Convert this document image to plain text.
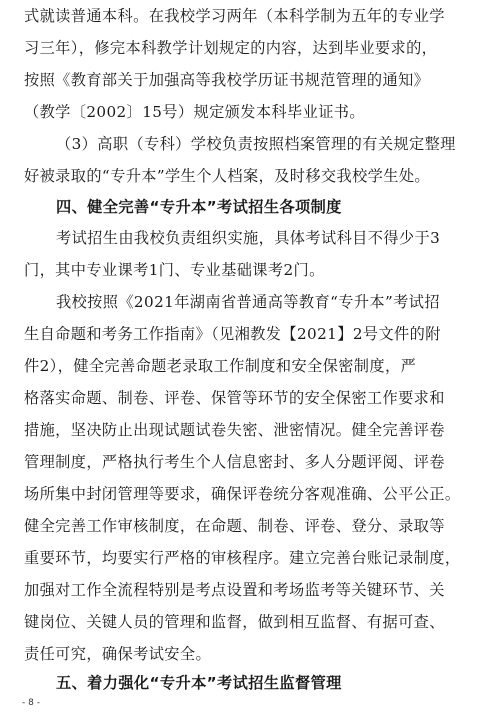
式就读普通本科。在我校学习两年（本科学制为五年的专业学
习三年），修完本科教学计划规定的内容，达到毕业要求的，
按照《教育部关于加强高等我校学历证书规范管理的通知》
（教学〔2002〕15号）规定颁发本科毕业证书。
（3）高职（专科）学校负责按照档案管理的有关规定整理
好被录取的“专升本”学生个人档案，及时移交我校学生处。
四、健全完善“专升本”考试招生各项制度
考试招生由我校负责组织实施，具体考试科目不得少于3
门，其中专业课考1门、专业基础课考2门。
我校按照《2021年湖南省普通高等教育“专升本”考试招
生自命题和考务工作指南》（见湘教发【2021】2号文件的附
件2），健全完善命题老录取工作制度和安全保密制度，严
格落实命题、制卷、评卷、保管等环节的安全保密工作要求和
措施，坚决防止出现试题试卷失密、泄密情况。健全完善评卷
管理制度，严格执行考生个人信息密封、多人分题评阅、评卷
场所集中封闭管理等要求，确保评卷统分客观准确、公平公正。
健全完善工作审核制度，在命题、制卷、评卷、登分、录取等
重要环节，均要实行严格的审核程序。建立完善台账记录制度，
加强对工作全流程特别是考点设置和考场监考等关键环节、关
键岗位、关键人员的管理和监督，做到相互监督、有据可查、
责任可究，确保考试安全。
五、着力强化“专升本”考试招生监督管理
- 8 -
